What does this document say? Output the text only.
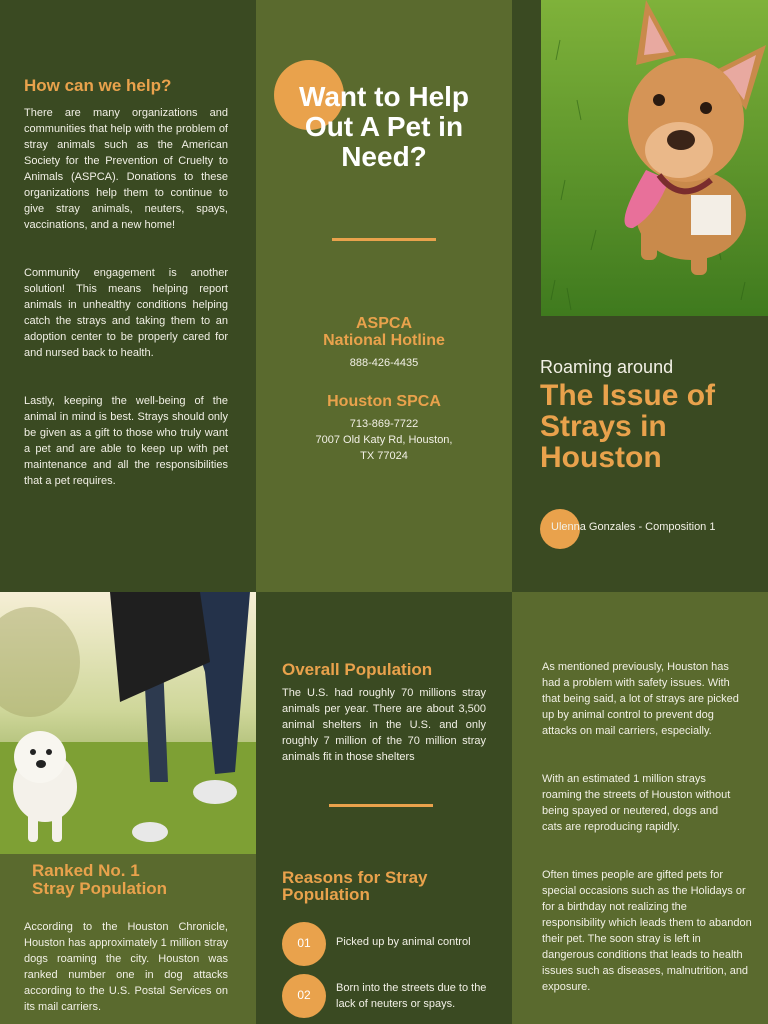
How can we help?

There are many organizations and communities that help with the problem of stray animals such as the American Society for the Prevention of Cruelty to Animals (ASPCA). Donations to these organizations help them to continue to give stray animals, neuters, spays, vaccinations, and a new home!

Community engagement is another solution! This means helping report animals in unhealthy conditions helping catch the strays and taking them to an adoption center to be properly cared for and nursed back to health.

Lastly, keeping the well-being of the animal in mind is best. Strays should only be given as a gift to those who truly want a pet and are able to keep up with pet maintenance and all the responsibilities that a pet requires.

Want to Help Out A Pet in Need?
ASPCA
National Hotline
888-426-4435
Houston SPCA
713-869-7722
7007 Old Katy Rd, Houston,
TX 77024
Roaming around
The Issue of
Strays in
Houston
Ulenna Gonzales - Composition 1
Ranked No. 1
Stray Population

According to the Houston Chronicle, Houston has approximately 1 million stray dogs roaming the city. Houston was ranked number one in dog attacks according to the U.S. Postal Services on its mail carriers.

Overall Population

The U.S. had roughly 70 millions stray animals per year. There are about 3,500 animal shelters in the U.S. and only roughly 7 million of the 70 million stray animals fit in those shelters

Reasons for Stray
Population
01	Picked up by animal control
02	Born into the streets due to the lack of neuters or spays.

As mentioned previously, Houston has had a problem with safety issues. With that being said, a lot of strays are picked up by animal control to prevent dog attacks on mail carriers, especially.

With an estimated 1 million strays roaming the streets of Houston without being spayed or neutered, dogs and cats are reproducing rapidly.

Often times people are gifted pets for special occasions such as the Holidays or for a birthday not realizing the responsibility which leads them to abandon their pet. The soon stray is left in dangerous conditions that leads to health issues such as diseases, malnutrition, and exposure.
